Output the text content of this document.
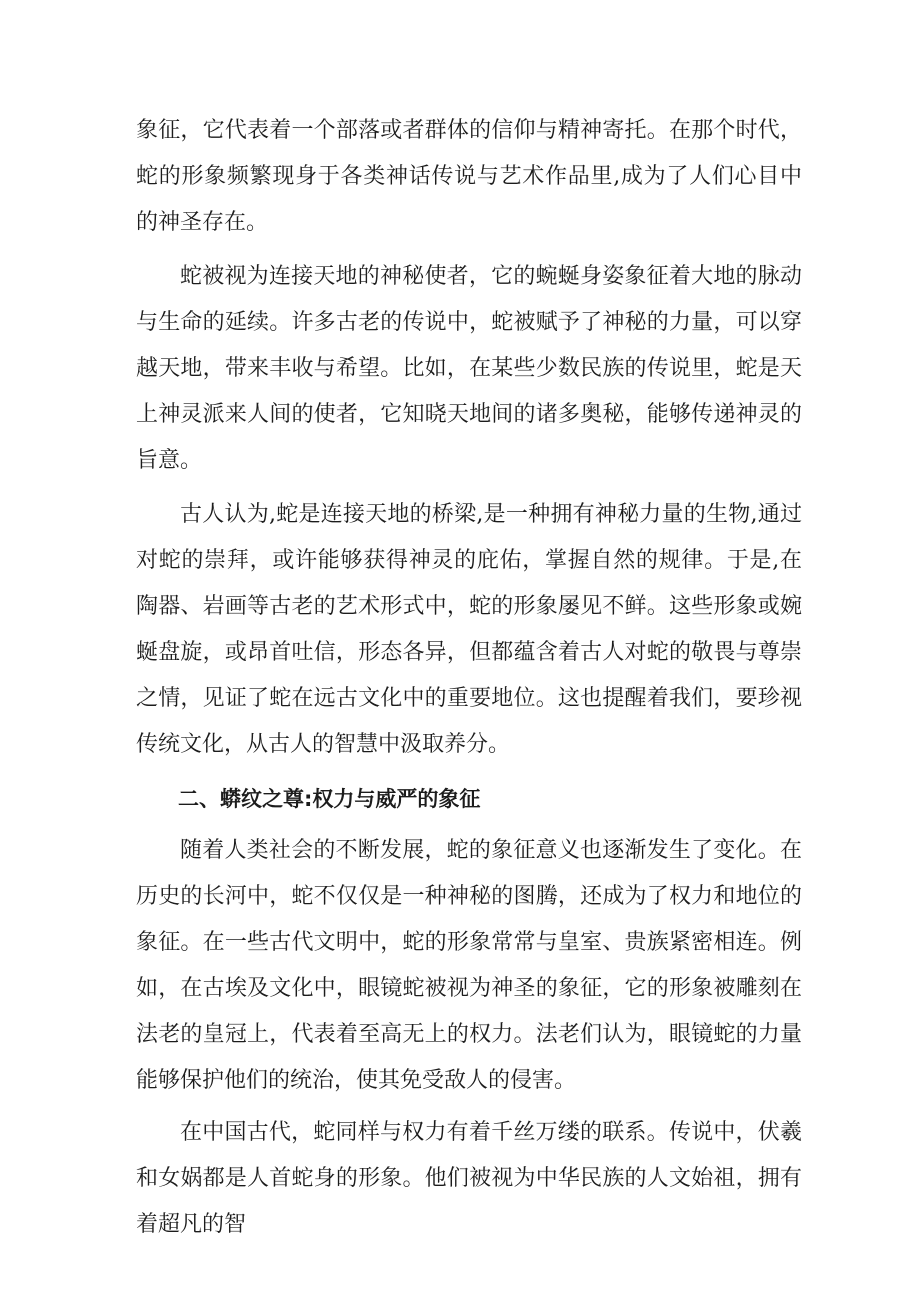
象征，它代表着一个部落或者群体的信仰与精神寄托。在那个时代，蛇的形象频繁现身于各类神话传说与艺术作品里,成为了人们心目中的神圣存在。

蛇被视为连接天地的神秘使者，它的蜿蜒身姿象征着大地的脉动与生命的延续。许多古老的传说中，蛇被赋予了神秘的力量，可以穿越天地，带来丰收与希望。比如，在某些少数民族的传说里，蛇是天上神灵派来人间的使者，它知晓天地间的诸多奥秘，能够传递神灵的旨意。

古人认为,蛇是连接天地的桥梁,是一种拥有神秘力量的生物,通过对蛇的崇拜，或许能够获得神灵的庇佑，掌握自然的规律。于是,在陶器、岩画等古老的艺术形式中，蛇的形象屡见不鲜。这些形象或婉蜒盘旋，或昂首吐信，形态各异，但都蕴含着古人对蛇的敬畏与尊崇之情，见证了蛇在远古文化中的重要地位。这也提醒着我们，要珍视传统文化，从古人的智慧中汲取养分。

二、蟒纹之尊:权力与威严的象征

随着人类社会的不断发展，蛇的象征意义也逐渐发生了变化。在历史的长河中，蛇不仅仅是一种神秘的图腾，还成为了权力和地位的象征。在一些古代文明中，蛇的形象常常与皇室、贵族紧密相连。例如，在古埃及文化中，眼镜蛇被视为神圣的象征，它的形象被雕刻在法老的皇冠上，代表着至高无上的权力。法老们认为，眼镜蛇的力量能够保护他们的统治，使其免受敌人的侵害。

在中国古代，蛇同样与权力有着千丝万缕的联系。传说中，伏羲和女娲都是人首蛇身的形象。他们被视为中华民族的人文始祖，拥有着超凡的智
